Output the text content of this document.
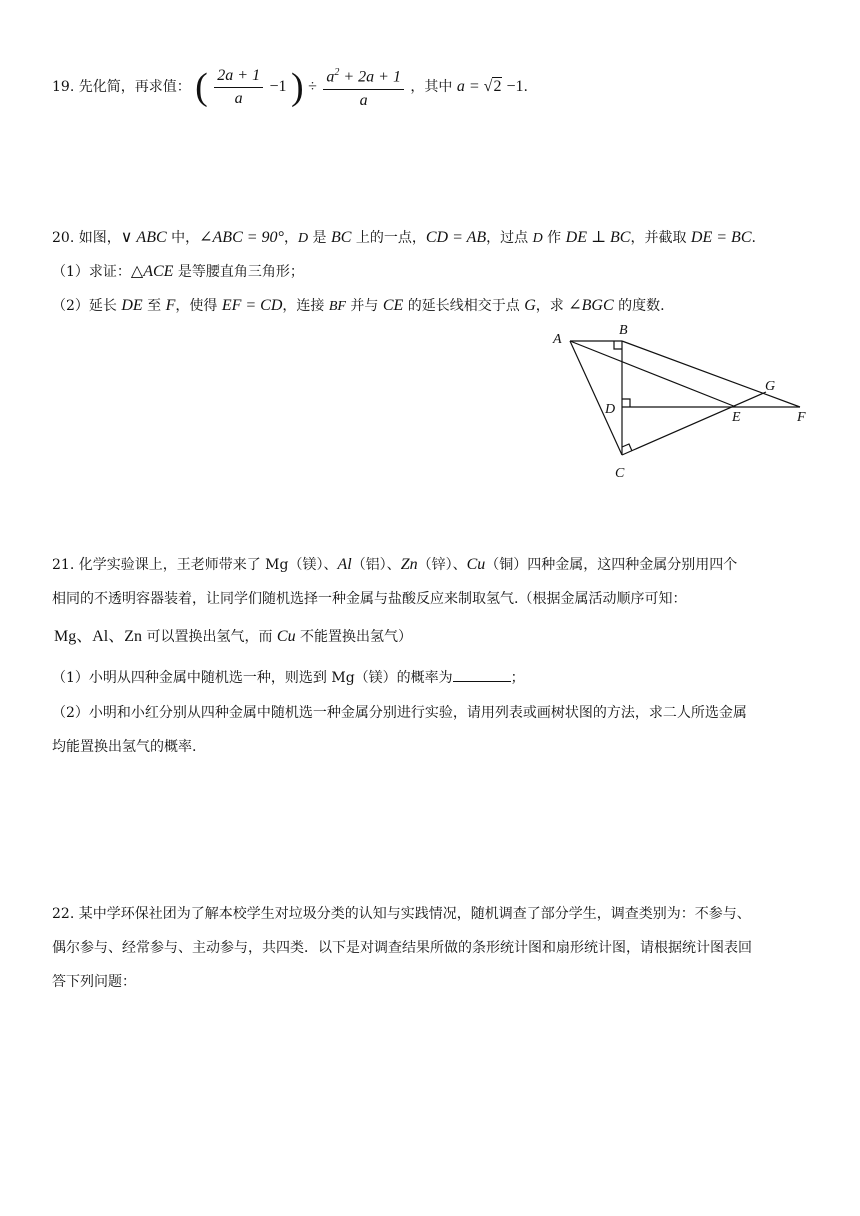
19. 先化简，再求值： ( $\frac{2a + 1}{a} -1$ ) ÷ $\frac{a^2 + 2a + 1}{a}$ ，其中 a = √2 −1.
20. 如图，∨ ABC 中，∠ABC = 90°，D 是 BC 上的一点，CD = AB，过点 D 作 DE ⊥ BC，并截取 DE = BC.
（1）求证：△ACE 是等腰直角三角形；
（2）延长 DE 至 F，使得 EF = CD，连接 BF 并与 CE 的延长线相交于点 G，求 ∠BGC 的度数.
A
B
C
D
E	F
G
21. 化学实验课上，王老师带来了 Mg（镁）、Al（铝）、Zn（锌）、Cu（铜）四种金属，这四种金属分别用四个
相同的不透明容器装着，让同学们随机选择一种金属与盐酸反应来制取氢气.（根据金属活动顺序可知：
Mg、Al、Zn 可以置换出氢气，而 Cu 不能置换出氢气）
（1）小明从四种金属中随机选一种，则选到 Mg（镁）的概率为	；
（2）小明和小红分别从四种金属中随机选一种金属分别进行实验，请用列表或画树状图的方法，求二人所选金属
均能置换出氢气的概率.
22. 某中学环保社团为了解本校学生对垃圾分类的认知与实践情况，随机调查了部分学生，调查类别为：不参与、
偶尔参与、经常参与、主动参与，共四类．以下是对调查结果所做的条形统计图和扇形统计图，请根据统计图表回
答下列问题：
